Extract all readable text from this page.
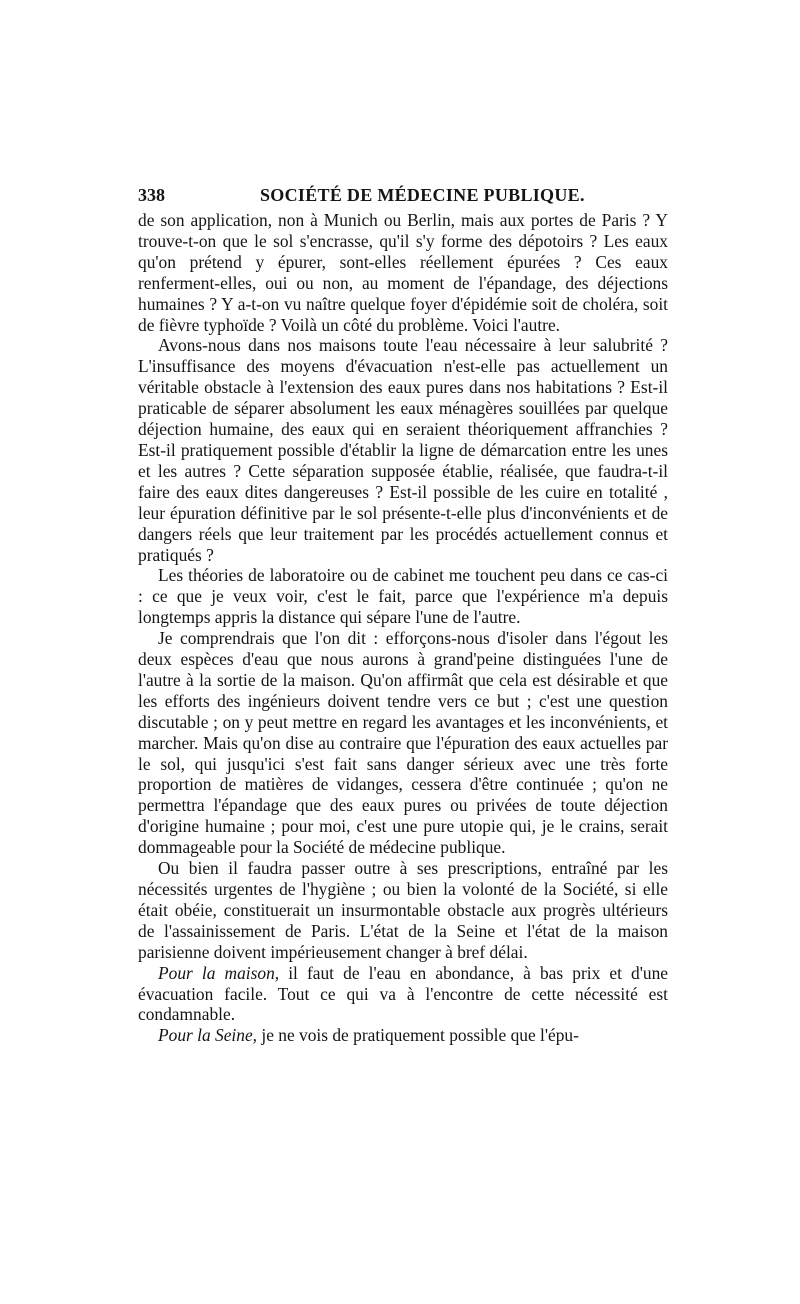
338	SOCIÉTÉ DE MÉDECINE PUBLIQUE.

de son application, non à Munich ou Berlin, mais aux portes de Paris ? Y trouve-t-on que le sol s'encrasse, qu'il s'y forme des dépotoirs ? Les eaux qu'on prétend y épurer, sont-elles réellement épurées ? Ces eaux renferment-elles, oui ou non, au moment de l'épandage, des déjections humaines ? Y a-t-on vu naître quelque foyer d'épidémie soit de choléra, soit de fièvre typhoïde ? Voilà un côté du problème. Voici l'autre.

Avons-nous dans nos maisons toute l'eau nécessaire à leur salubrité ? L'insuffisance des moyens d'évacuation n'est-elle pas actuellement un véritable obstacle à l'extension des eaux pures dans nos habitations ? Est-il praticable de séparer absolument les eaux ménagères souillées par quelque déjection humaine, des eaux qui en seraient théoriquement affranchies ? Est-il pratiquement possible d'établir la ligne de démarcation entre les unes et les autres ? Cette séparation supposée établie, réalisée, que faudra-t-il faire des eaux dites dangereuses ? Est-il possible de les cuire en totalité , leur épuration définitive par le sol présente-t-elle plus d'inconvénients et de dangers réels que leur traitement par les procédés actuellement connus et pratiqués ?

Les théories de laboratoire ou de cabinet me touchent peu dans ce cas-ci : ce que je veux voir, c'est le fait, parce que l'expérience m'a depuis longtemps appris la distance qui sépare l'une de l'autre.

Je comprendrais que l'on dit : efforçons-nous d'isoler dans l'égout les deux espèces d'eau que nous aurons à grand'peine distinguées l'une de l'autre à la sortie de la maison. Qu'on affirmât que cela est désirable et que les efforts des ingénieurs doivent tendre vers ce but ; c'est une question discutable ; on y peut mettre en regard les avantages et les inconvénients, et marcher. Mais qu'on dise au contraire que l'épuration des eaux actuelles par le sol, qui jusqu'ici s'est fait sans danger sérieux avec une très forte proportion de matières de vidanges, cessera d'être continuée ; qu'on ne permettra l'épandage que des eaux pures ou privées de toute déjection d'origine humaine ; pour moi, c'est une pure utopie qui, je le crains, serait dommageable pour la Société de médecine publique.

Ou bien il faudra passer outre à ses prescriptions, entraîné par les nécessités urgentes de l'hygiène ; ou bien la volonté de la Société, si elle était obéie, constituerait un insurmontable obstacle aux progrès ultérieurs de l'assainissement de Paris. L'état de la Seine et l'état de la maison parisienne doivent impérieusement changer à bref délai.

Pour la maison, il faut de l'eau en abondance, à bas prix et d'une évacuation facile. Tout ce qui va à l'encontre de cette nécessité est condamnable.

Pour la Seine, je ne vois de pratiquement possible que l'épu-
